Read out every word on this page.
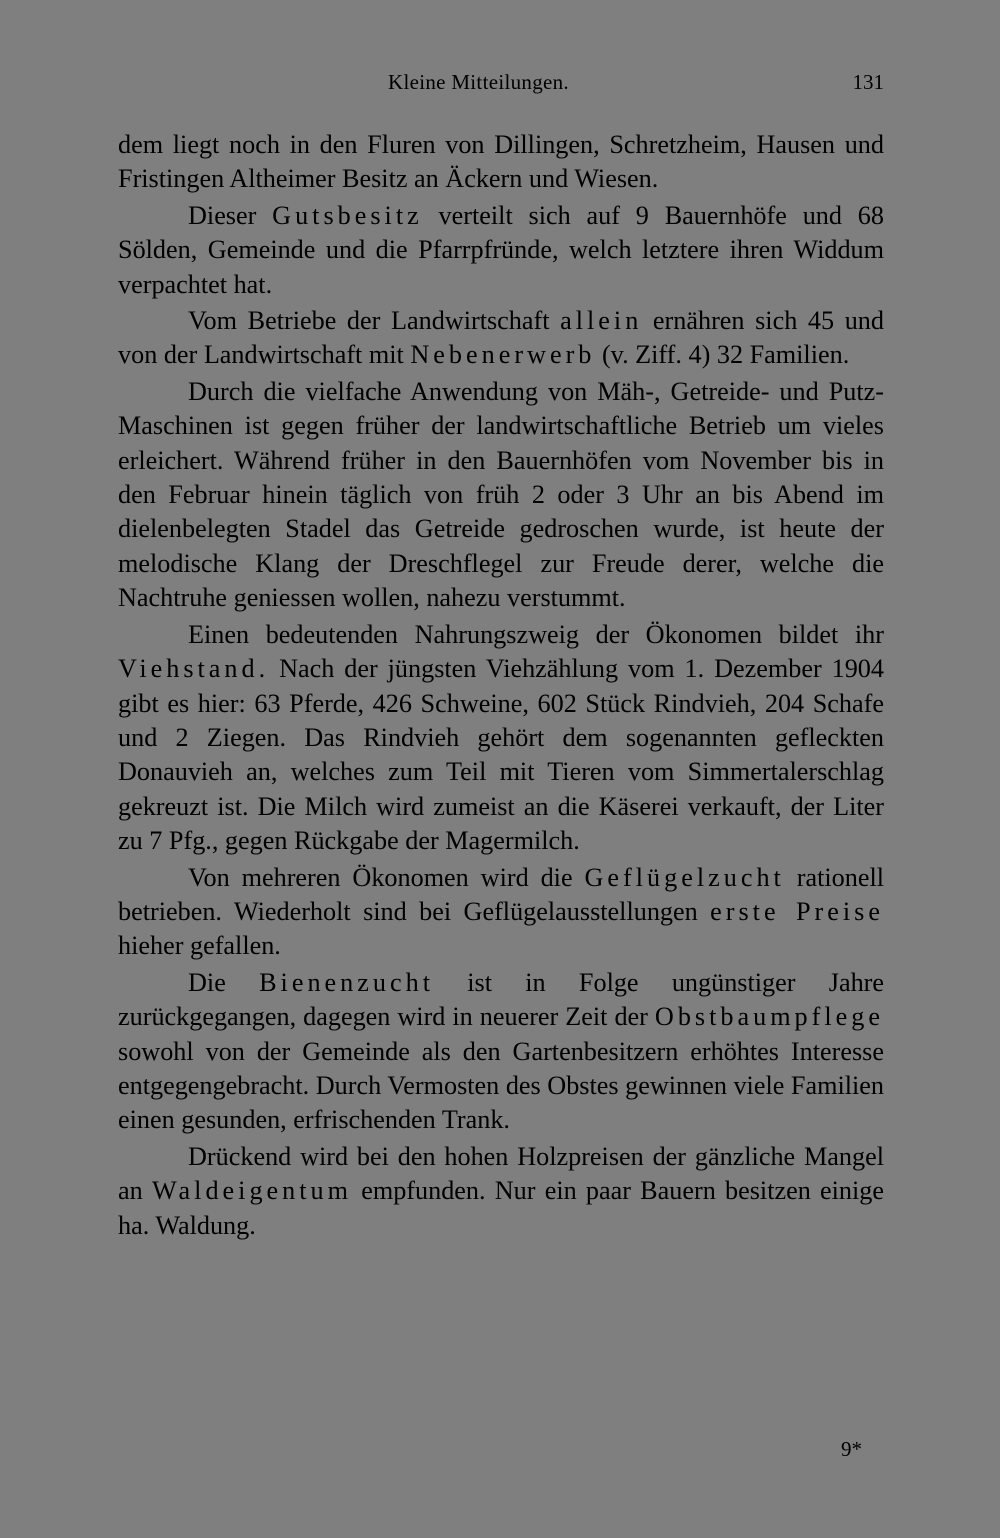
Kleine Mitteilungen.	131

dem liegt noch in den Fluren von Dillingen, Schretzheim, Hausen und Fristingen Altheimer Besitz an Äckern und Wiesen.

Dieser Gutsbesitz verteilt sich auf 9 Bauernhöfe und 68 Sölden, Gemeinde und die Pfarrpfründe, welch letztere ihren Widdum verpachtet hat.

Vom Betriebe der Landwirtschaft allein ernähren sich 45 und von der Landwirtschaft mit Nebenerwerb (v. Ziff. 4) 32 Familien.

Durch die vielfache Anwendung von Mäh-, Getreide- und Putz-Maschinen ist gegen früher der landwirtschaftliche Betrieb um vieles erleichert. Während früher in den Bauernhöfen vom November bis in den Februar hinein täglich von früh 2 oder 3 Uhr an bis Abend im dielenbelegten Stadel das Getreide gedroschen wurde, ist heute der melodische Klang der Dreschflegel zur Freude derer, welche die Nachtruhe geniessen wollen, nahezu verstummt.

Einen bedeutenden Nahrungszweig der Ökonomen bildet ihr Viehstand. Nach der jüngsten Viehzählung vom 1. Dezember 1904 gibt es hier: 63 Pferde, 426 Schweine, 602 Stück Rindvieh, 204 Schafe und 2 Ziegen. Das Rindvieh gehört dem sogenannten gefleckten Donauvieh an, welches zum Teil mit Tieren vom Simmertalerschlag gekreuzt ist. Die Milch wird zumeist an die Käserei verkauft, der Liter zu 7 Pfg., gegen Rückgabe der Magermilch.

Von mehreren Ökonomen wird die Geflügelzucht rationell betrieben. Wiederholt sind bei Geflügelausstellungen erste Preise hieher gefallen.

Die Bienenzucht ist in Folge ungünstiger Jahre zurückgegangen, dagegen wird in neuerer Zeit der Obstbaumpflege sowohl von der Gemeinde als den Gartenbesitzern erhöhtes Interesse entgegengebracht. Durch Vermosten des Obstes gewinnen viele Familien einen gesunden, erfrischenden Trank.

Drückend wird bei den hohen Holzpreisen der gänzliche Mangel an Waldeigentum empfunden. Nur ein paar Bauern besitzen einige ha. Waldung.

9*
